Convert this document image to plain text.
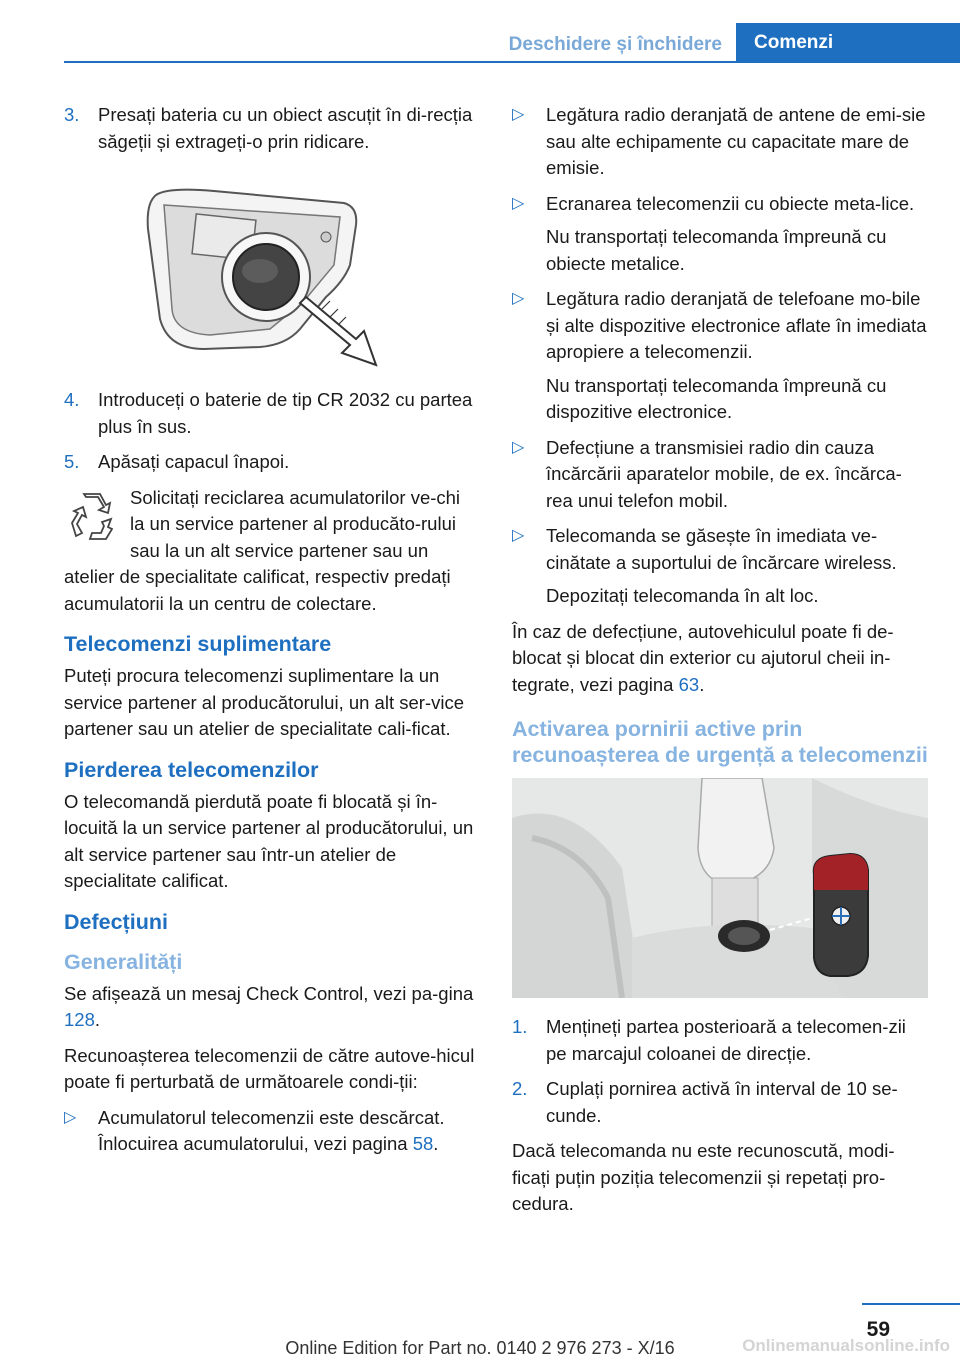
Deschidere și închidere	Comenzi
3. Presați bateria cu un obiect ascuțit în di-recția săgeții și extrageți-o prin ridicare.
4. Introduceți o baterie de tip CR 2032 cu partea plus în sus.
5. Apăsați capacul înapoi.

Solicitați reciclarea acumulatorilor ve-chi la un service partener al producăto-rului sau la un alt service partener sau un atelier de specialitate calificat, respectiv predați acumulatorii la un centru de colectare.

Telecomenzi suplimentare

Puteți procura telecomenzi suplimentare la un service partener al producătorului, un alt ser-vice partener sau un atelier de specialitate cali-ficat.

Pierderea telecomenzilor

O telecomandă pierdută poate fi blocată și în-locuită la un service partener al producătorului, un alt service partener sau într-un atelier de specialitate calificat.

Defecțiuni
Generalități

Se afișează un mesaj Check Control, vezi pa-gina 128.

Recunoașterea telecomenzii de către autove-hicul poate fi perturbată de următoarele condi-ții:

▷ Acumulatorul telecomenzii este descărcat. Înlocuirea acumulatorului, vezi pagina 58.
▷ Legătura radio deranjată de antene de emi-sie sau alte echipamente cu capacitate mare de emisie.
▷ Ecranarea telecomenzii cu obiecte meta-lice.
Nu transportați telecomanda împreună cu obiecte metalice.
▷ Legătura radio deranjată de telefoane mo-bile și alte dispozitive electronice aflate în imediata apropiere a telecomenzii.
Nu transportați telecomanda împreună cu dispozitive electronice.
▷ Defecțiune a transmisiei radio din cauza încărcării aparatelor mobile, de ex. încărca-rea unui telefon mobil.
▷ Telecomanda se găsește în imediata ve-cinătate a suportului de încărcare wireless.
Depozitați telecomanda în alt loc.

În caz de defecțiune, autovehiculul poate fi de-blocat și blocat din exterior cu ajutorul cheii in-tegrate, vezi pagina 63.

Activarea pornirii active prin recunoașterea de urgență a telecomenzii
1. Mențineți partea posterioară a telecomen-zii pe marcajul coloanei de direcție.
2. Cuplați pornirea activă în interval de 10 se-cunde.

Dacă telecomanda nu este recunoscută, modi-ficați puțin poziția telecomenzii și repetați pro-cedura.

59
Online Edition for Part no. 0140 2 976 273 - X/16	Onlinemanualsonline.info
